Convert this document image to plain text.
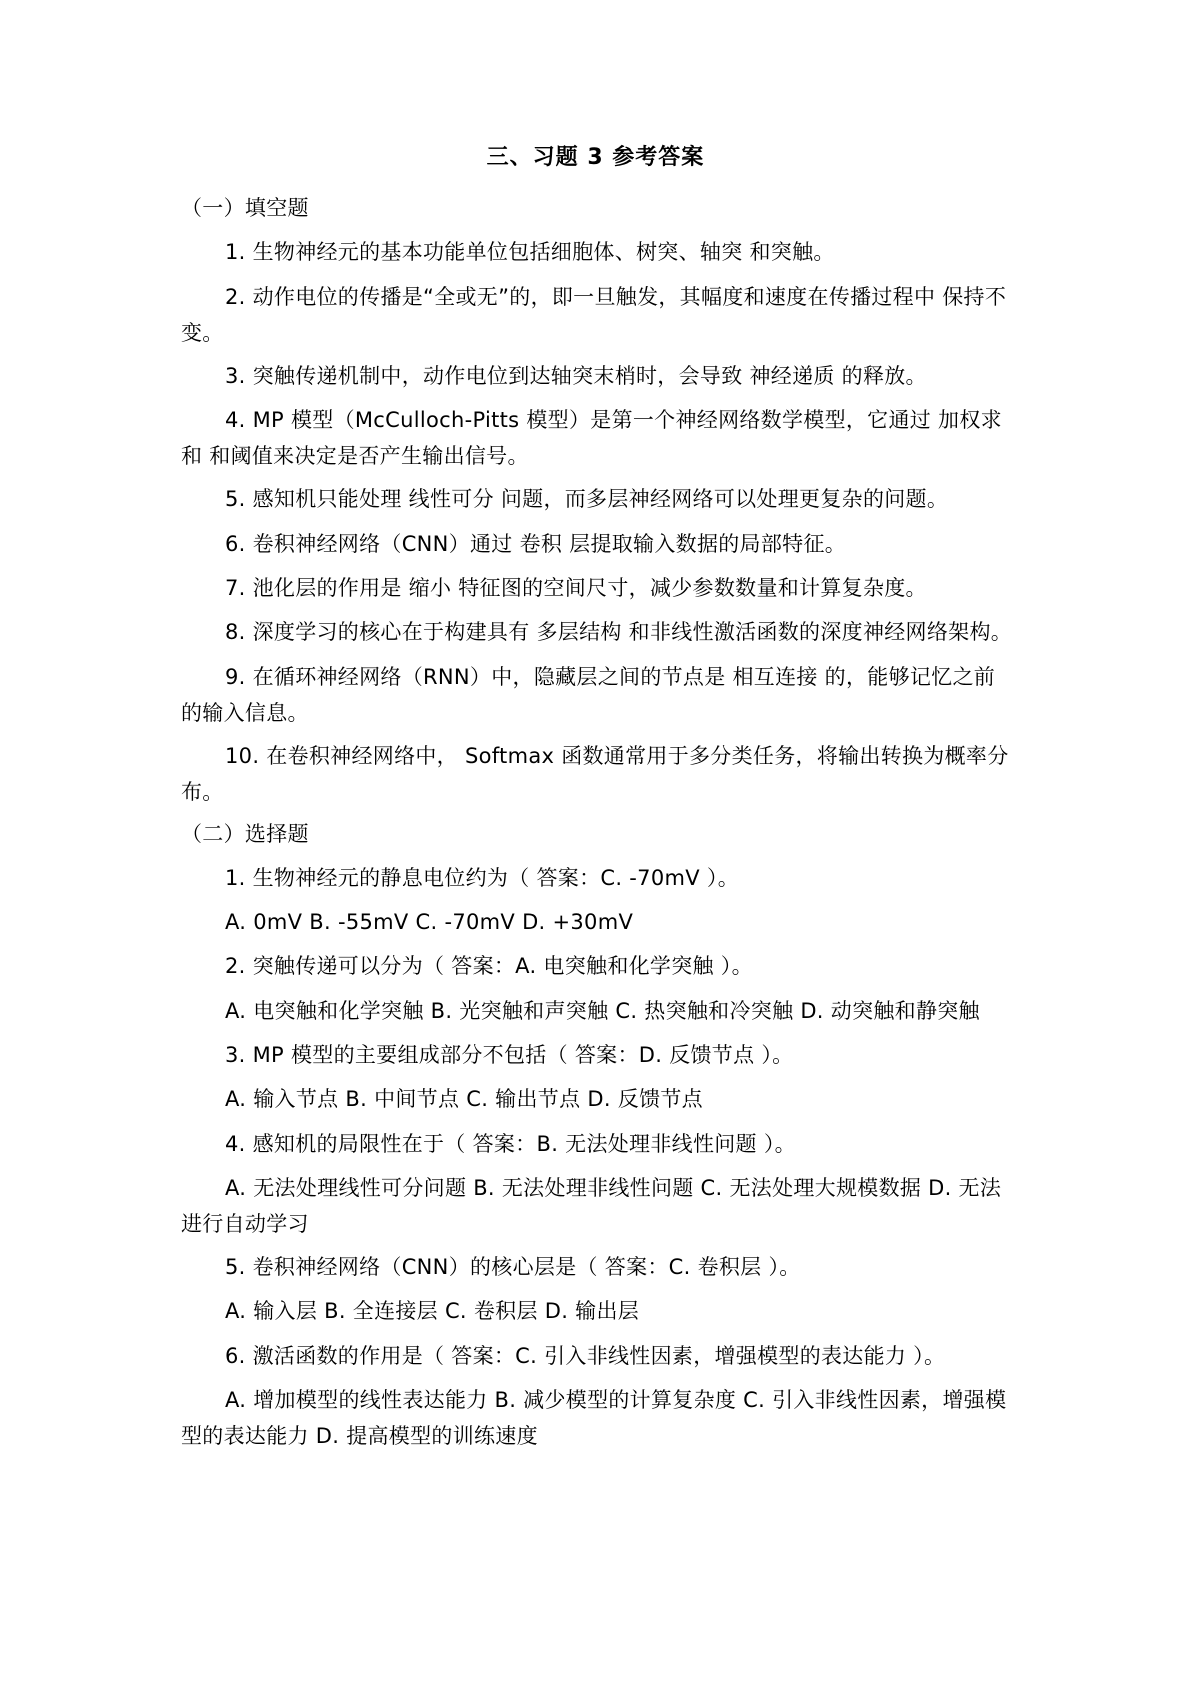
三、习题 3 参考答案
（一）填空题
1. 生物神经元的基本功能单位包括细胞体、树突、轴突 和突触。
2. 动作电位的传播是“全或无”的，即一旦触发，其幅度和速度在传播过程中 保持不变。
3. 突触传递机制中，动作电位到达轴突末梢时，会导致 神经递质 的释放。
4. MP 模型（McCulloch-Pitts 模型）是第一个神经网络数学模型，它通过 加权求和 和阈值来决定是否产生输出信号。
5. 感知机只能处理 线性可分 问题，而多层神经网络可以处理更复杂的问题。
6. 卷积神经网络（CNN）通过 卷积 层提取输入数据的局部特征。
7. 池化层的作用是 缩小 特征图的空间尺寸，减少参数数量和计算复杂度。
8. 深度学习的核心在于构建具有 多层结构 和非线性激活函数的深度神经网络架构。
9. 在循环神经网络（RNN）中，隐藏层之间的节点是 相互连接 的，能够记忆之前的输入信息。
10. 在卷积神经网络中， Softmax 函数通常用于多分类任务，将输出转换为概率分布。
（二）选择题
1. 生物神经元的静息电位约为（ 答案：C. -70mV ）。
A. 0mV B. -55mV C. -70mV D. +30mV
2. 突触传递可以分为（ 答案：A. 电突触和化学突触 ）。
A. 电突触和化学突触 B. 光突触和声突触 C. 热突触和冷突触 D. 动突触和静突触
3. MP 模型的主要组成部分不包括（ 答案：D. 反馈节点 ）。
A. 输入节点 B. 中间节点 C. 输出节点 D. 反馈节点
4. 感知机的局限性在于（ 答案：B. 无法处理非线性问题 ）。
A. 无法处理线性可分问题 B. 无法处理非线性问题 C. 无法处理大规模数据 D. 无法进行自动学习
5. 卷积神经网络（CNN）的核心层是（ 答案：C. 卷积层 ）。
A. 输入层 B. 全连接层 C. 卷积层 D. 输出层
6. 激活函数的作用是（ 答案：C. 引入非线性因素，增强模型的表达能力 ）。
A. 增加模型的线性表达能力 B. 减少模型的计算复杂度 C. 引入非线性因素，增强模型的表达能力 D. 提高模型的训练速度
